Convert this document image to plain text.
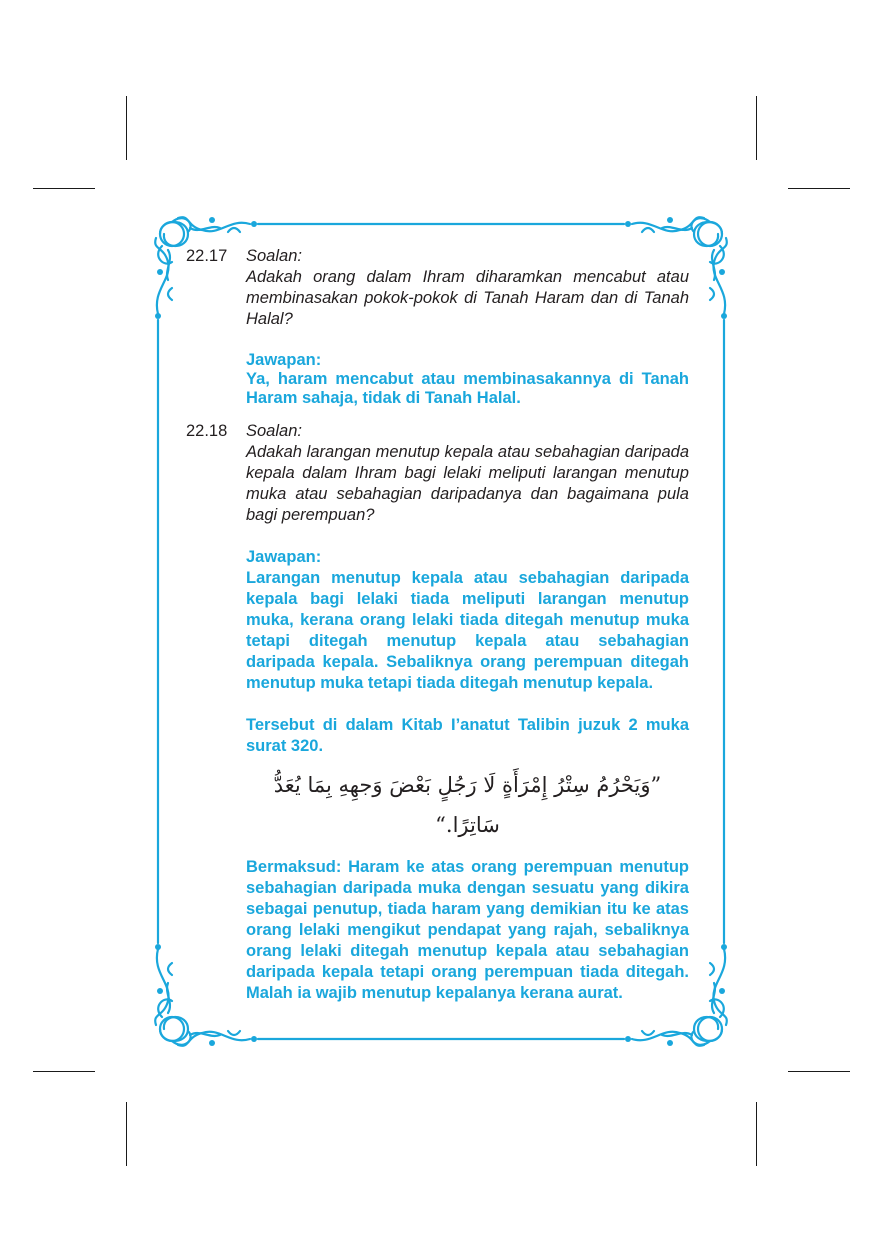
22.17	Soalan:
Adakah orang dalam Ihram diharamkan mencabut atau membinasakan pokok-pokok di Tanah Haram dan di Tanah Halal?
Jawapan:
Ya, haram mencabut atau membinasakannya di Tanah Haram sahaja, tidak di Tanah Halal.
22.18	Soalan:
Adakah larangan menutup kepala atau sebahagian daripada kepala dalam Ihram bagi lelaki meliputi larangan menutup muka atau sebahagian daripadanya dan bagaimana pula bagi perempuan?
Jawapan:
Larangan menutup kepala atau sebahagian daripada kepala bagi lelaki tiada meliputi larangan menutup muka, kerana orang lelaki tiada ditegah menutup muka tetapi ditegah menutup kepala atau sebahagian daripada kepala. Sebaliknya orang perempuan ditegah menutup muka tetapi tiada ditegah menutup kepala.
Tersebut di dalam Kitab I’anatut Talibin juzuk 2 muka surat 320.
”وَيَحْرُمُ سِتْرُ إِمْرَأَةٍ لَا رَجُلٍ بَعْضَ وَجهِهِ بِمَا يُعَدُّ سَاتِرًا.“
Bermaksud: Haram ke atas orang perempuan menutup sebahagian daripada muka dengan sesuatu yang dikira sebagai penutup, tiada haram yang demikian itu ke atas orang lelaki mengikut pendapat yang rajah, sebaliknya orang lelaki ditegah menutup kepala atau sebahagian daripada kepala tetapi orang perempuan tiada ditegah. Malah ia wajib menutup kepalanya kerana aurat.
